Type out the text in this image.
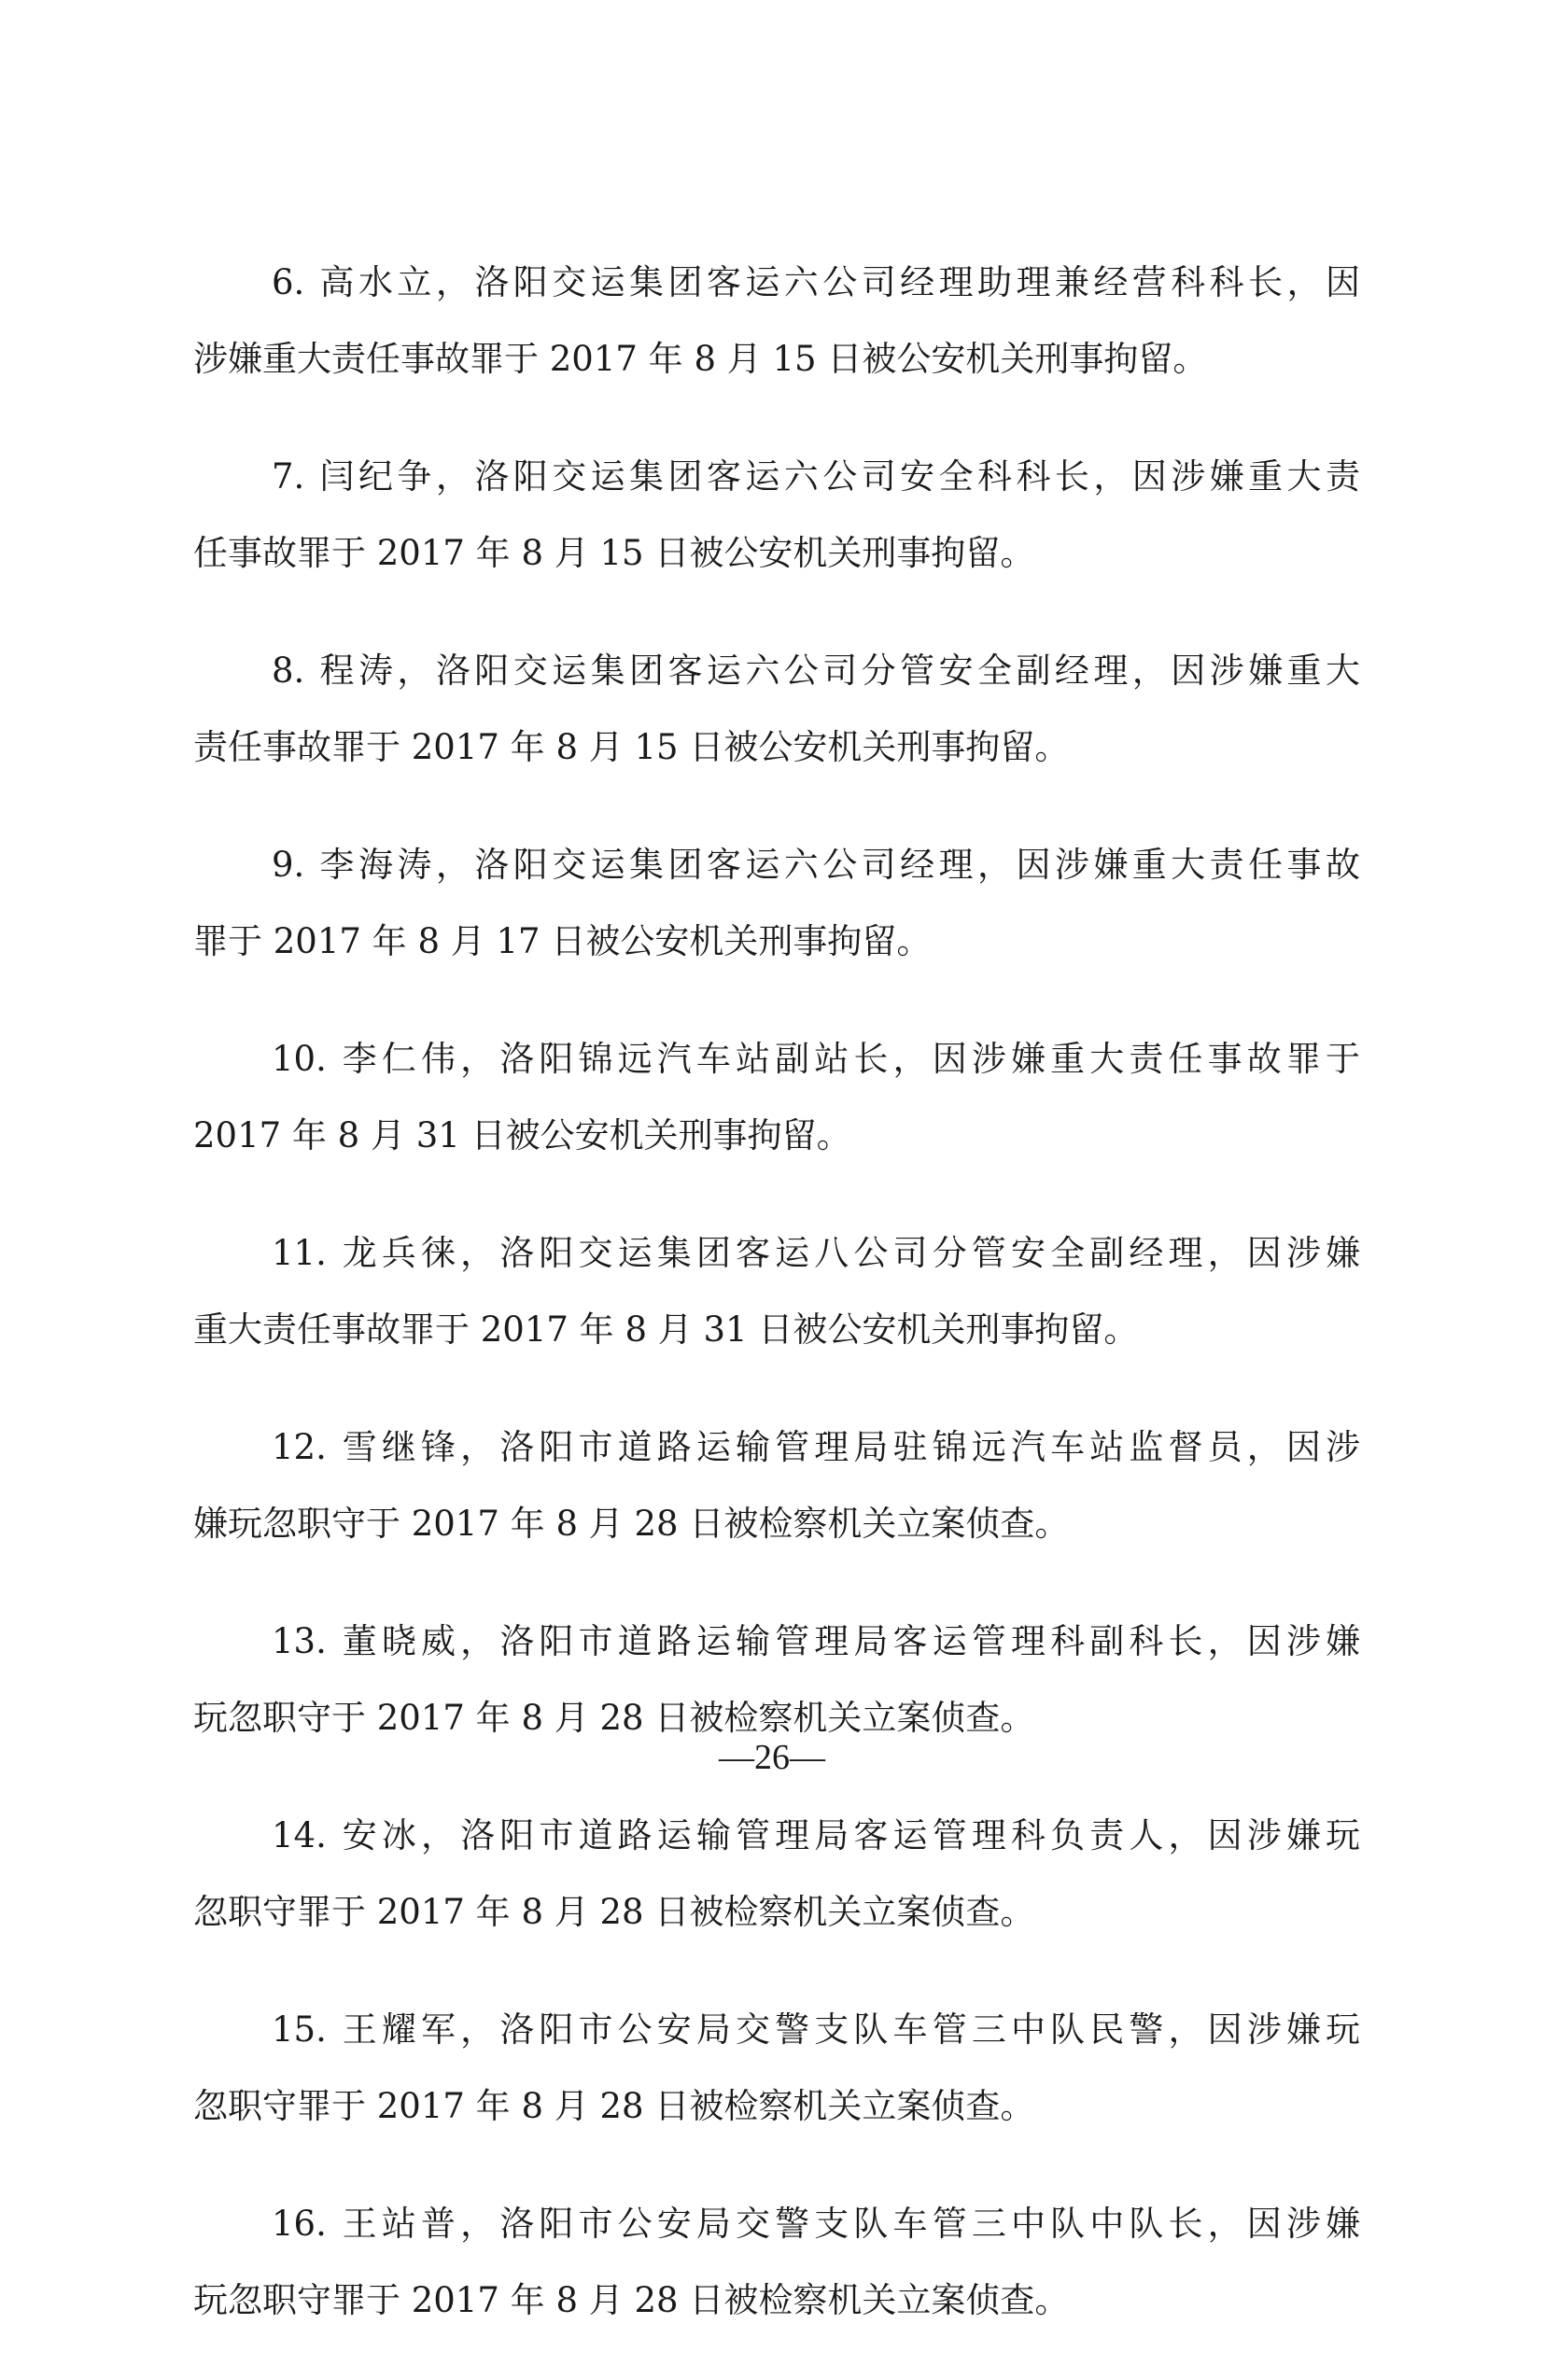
6. 高水立，洛阳交运集团客运六公司经理助理兼经营科科长，因
涉嫌重大责任事故罪于 2017 年 8 月 15 日被公安机关刑事拘留。
7. 闫纪争，洛阳交运集团客运六公司安全科科长，因涉嫌重大责
任事故罪于 2017 年 8 月 15 日被公安机关刑事拘留。
8. 程涛，洛阳交运集团客运六公司分管安全副经理，因涉嫌重大
责任事故罪于 2017 年 8 月 15 日被公安机关刑事拘留。
9. 李海涛，洛阳交运集团客运六公司经理，因涉嫌重大责任事故
罪于 2017 年 8 月 17 日被公安机关刑事拘留。
10. 李仁伟，洛阳锦远汽车站副站长，因涉嫌重大责任事故罪于
2017 年 8 月 31 日被公安机关刑事拘留。
11. 龙兵徕，洛阳交运集团客运八公司分管安全副经理，因涉嫌
重大责任事故罪于 2017 年 8 月 31 日被公安机关刑事拘留。
12. 雪继锋，洛阳市道路运输管理局驻锦远汽车站监督员，因涉
嫌玩忽职守于 2017 年 8 月 28 日被检察机关立案侦查。
13. 董晓威，洛阳市道路运输管理局客运管理科副科长，因涉嫌
玩忽职守于 2017 年 8 月 28 日被检察机关立案侦查。
14. 安冰，洛阳市道路运输管理局客运管理科负责人，因涉嫌玩
忽职守罪于 2017 年 8 月 28 日被检察机关立案侦查。
15. 王耀军，洛阳市公安局交警支队车管三中队民警，因涉嫌玩
忽职守罪于 2017 年 8 月 28 日被检察机关立案侦查。
16. 王站普，洛阳市公安局交警支队车管三中队中队长，因涉嫌
玩忽职守罪于 2017 年 8 月 28 日被检察机关立案侦查。
—26—
